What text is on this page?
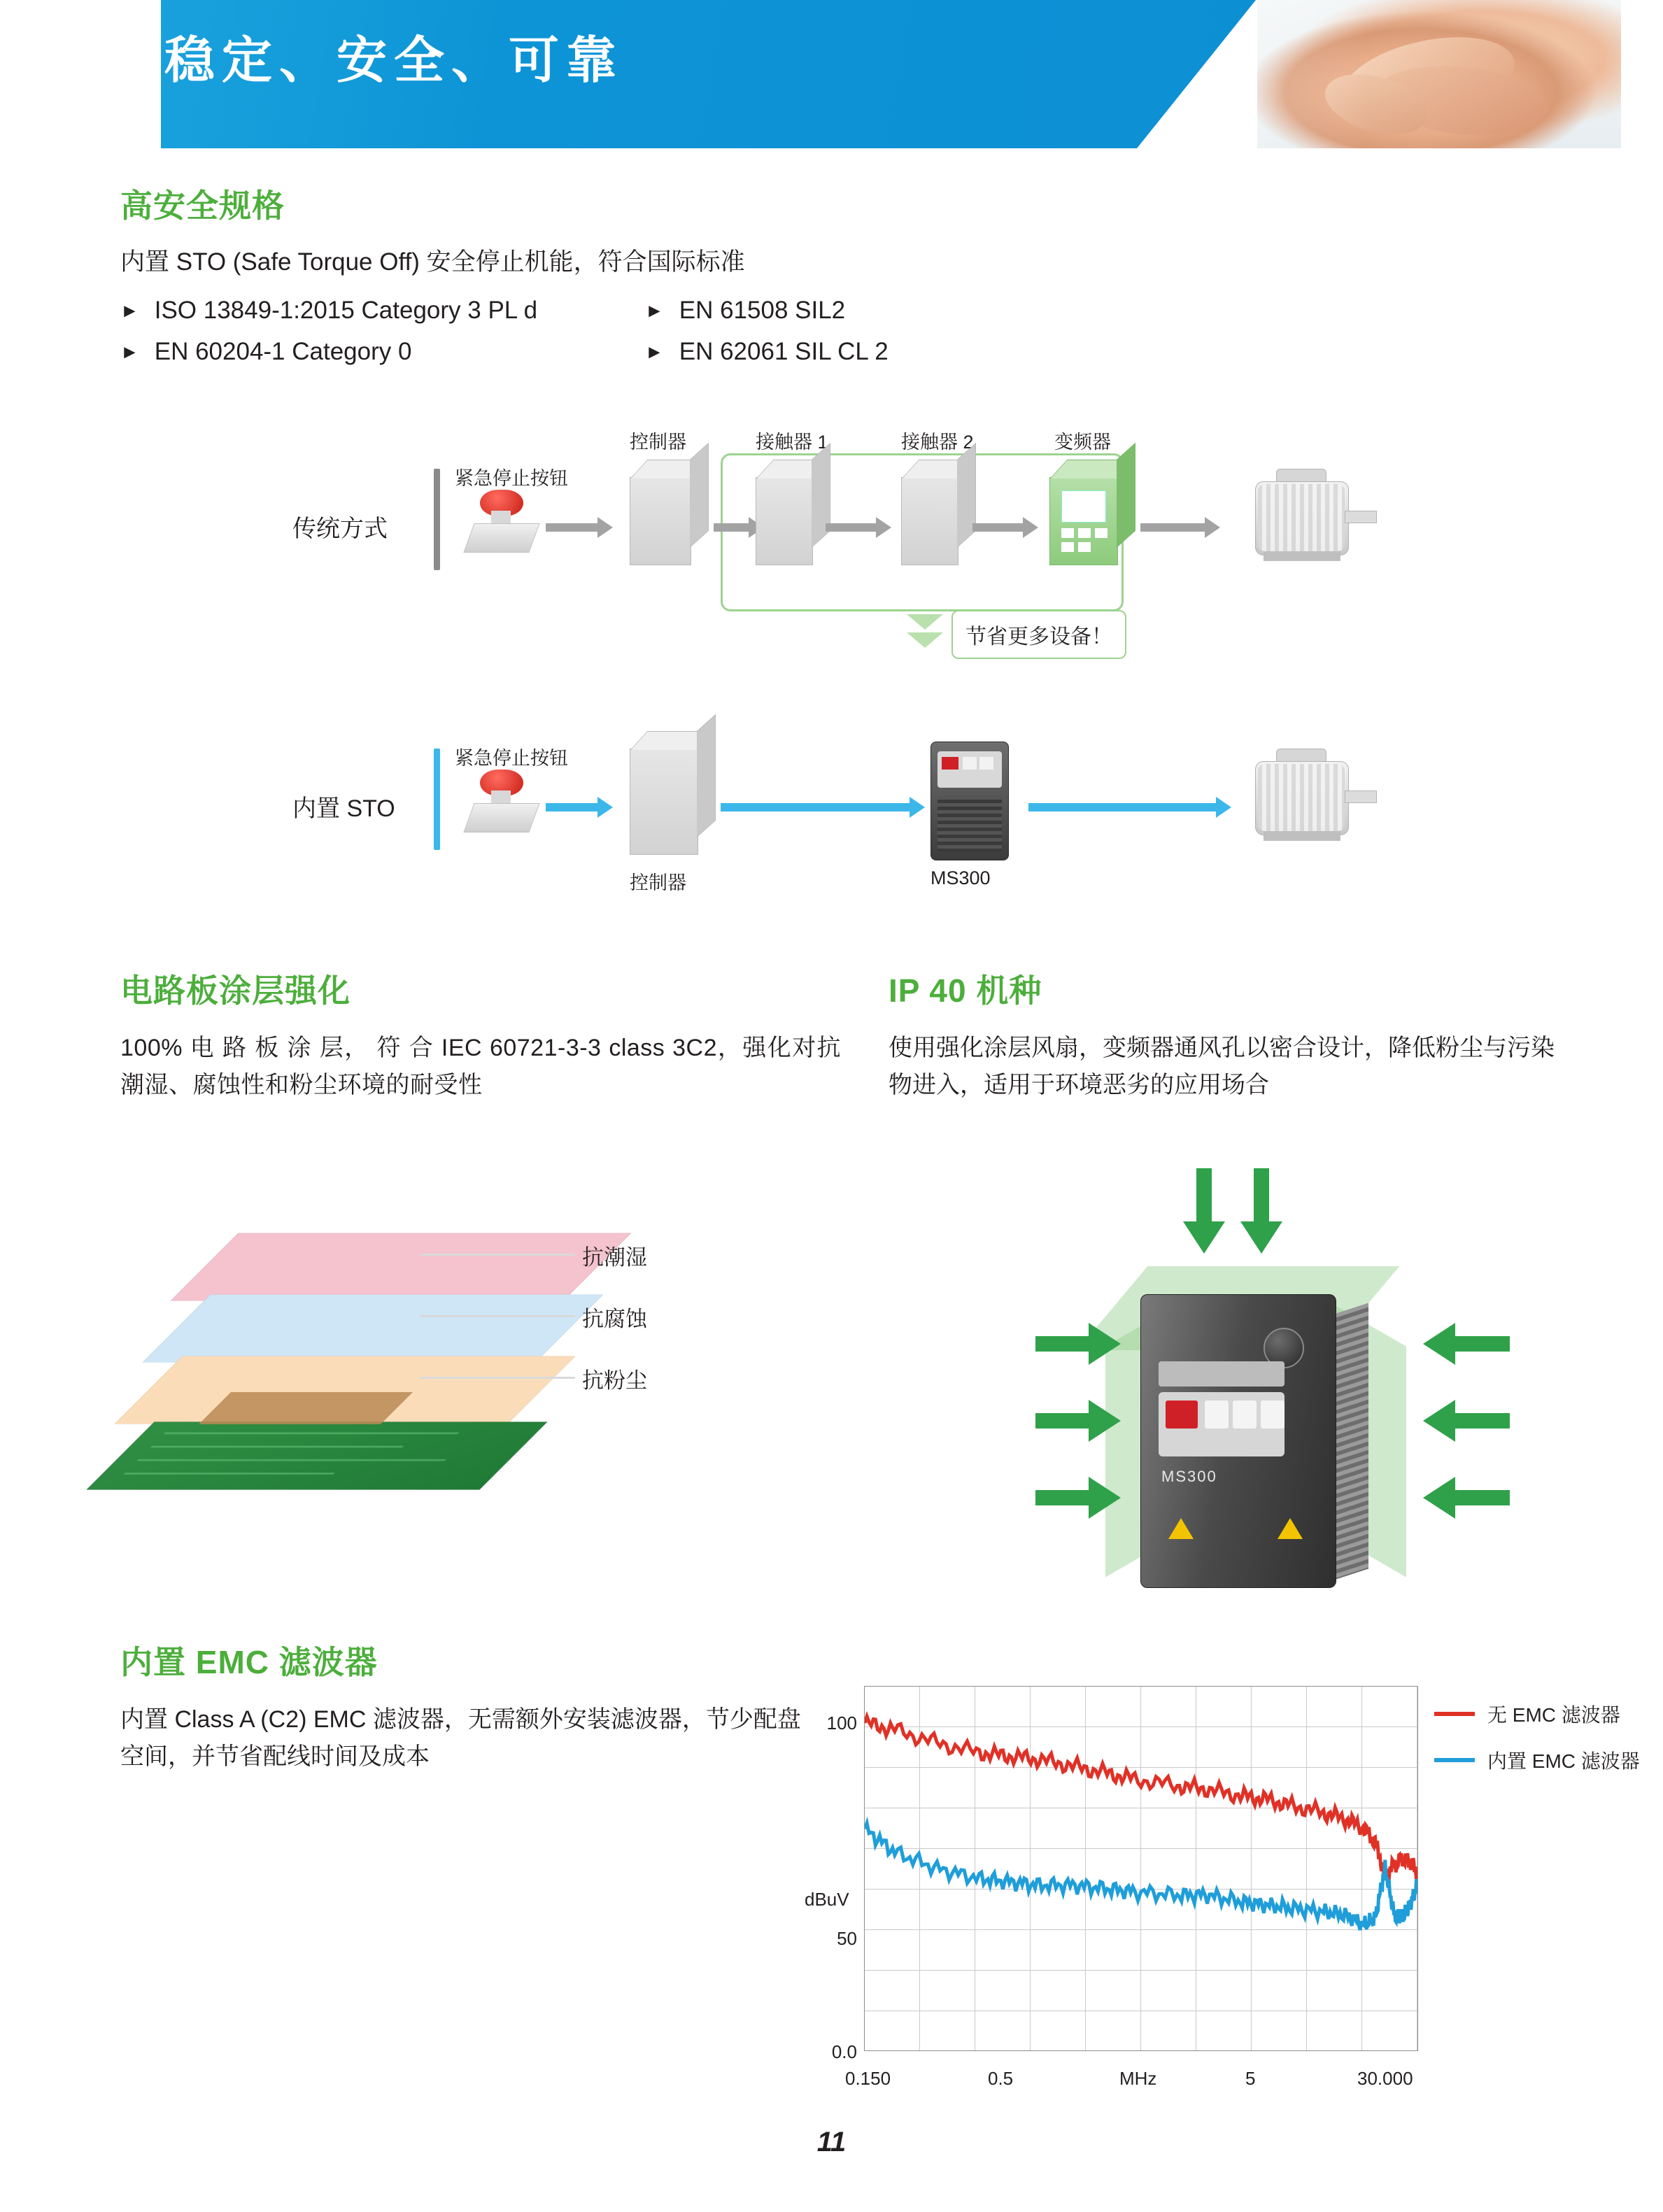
稳定、安全、可靠
高安全规格
内置 STO (Safe Torque Off) 安全停止机能，符合国际标准
► ISO 13849-1:2015 Category 3 PL d	► EN 61508 SIL2
► EN 60204-1 Category 0	► EN 62061 SIL CL 2
紧急停止按钮
控制器	接触器 1	接触器 2	变频器
传统方式
内置 STO
节省更多设备！
紧急停止按钮
控制器	MS300
电路板涂层强化
100% 电 路 板 涂 层， 符 合 IEC 60721-3-3 class 3C2，强化对抗潮湿、腐蚀性和粉尘环境的耐受性
抗潮湿
抗腐蚀
抗粉尘
IP 40 机种
使用强化涂层风扇，变频器通风孔以密合设计，降低粉尘与污染物进入，适用于环境恶劣的应用场合
MS300
内置 EMC 滤波器
内置 Class A (C2) EMC 滤波器，无需额外安装滤波器，节少配盘空间，并节省配线时间及成本
100
dBuV
50
0.0
0.150	0.5	MHz	5	30.000
无 EMC 滤波器
内置 EMC 滤波器
11
